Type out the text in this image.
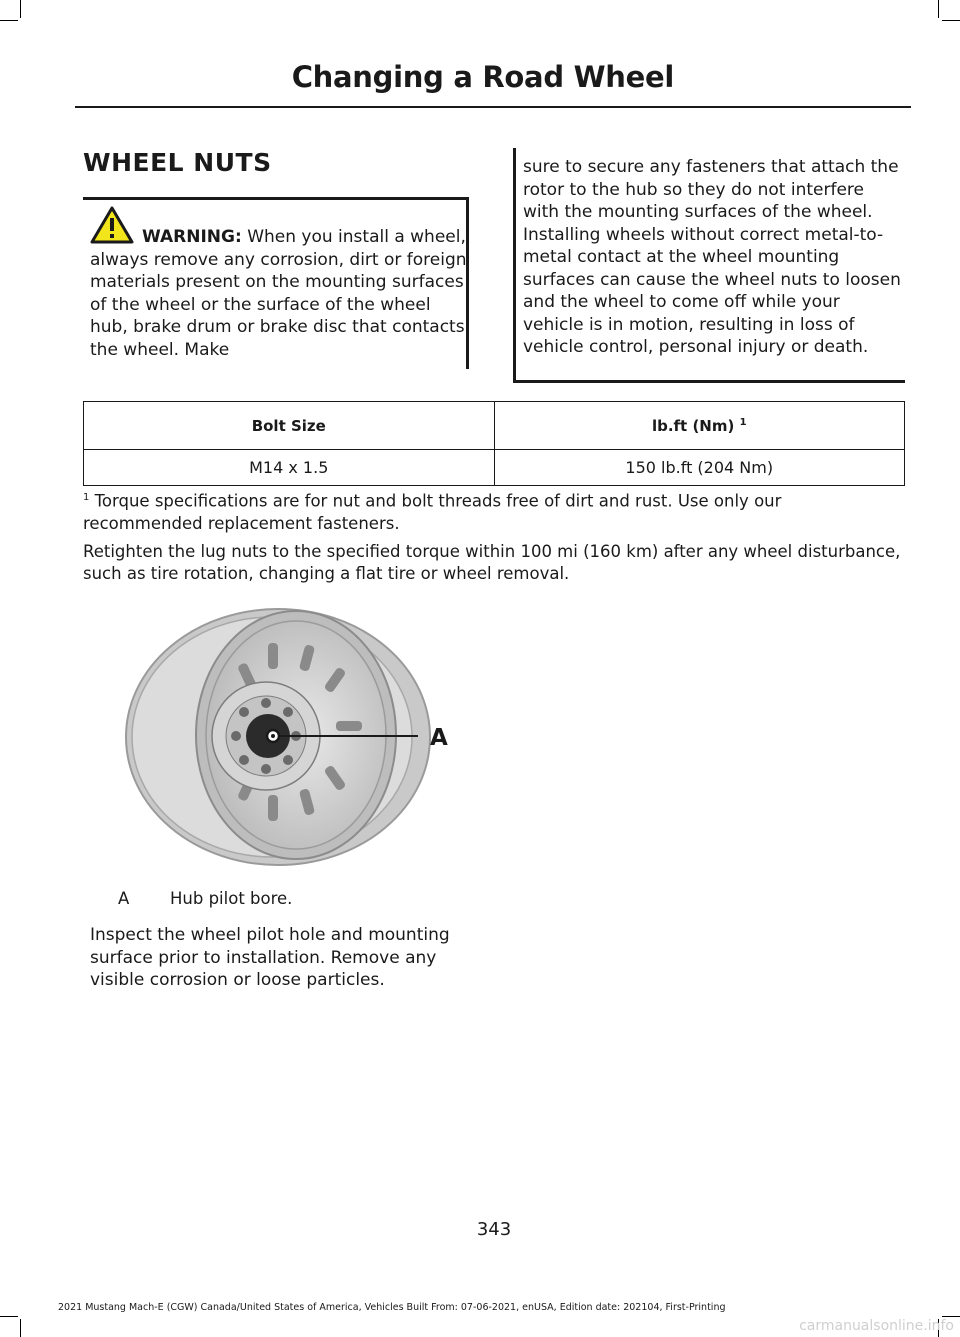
Changing a Road Wheel
WHEEL NUTS
WARNING: When you install a wheel, always remove any corrosion, dirt or foreign materials present on the mounting surfaces of the wheel or the surface of the wheel hub, brake drum or brake disc that contacts the wheel. Make
sure to secure any fasteners that attach the rotor to the hub so they do not interfere with the mounting surfaces of the wheel. Installing wheels without correct metal-to-metal contact at the wheel mounting surfaces can cause the wheel nuts to loosen and the wheel to come off while your vehicle is in motion, resulting in loss of vehicle control, personal injury or death.
Bolt Size	lb.ft (Nm) $^1$
M14 x 1.5	150 lb.ft (204 Nm)
$^1$ Torque specifications are for nut and bolt threads free of dirt and rust. Use only our recommended replacement fasteners.
Retighten the lug nuts to the specified torque within 100 mi (160 km) after any wheel disturbance, such as tire rotation, changing a flat tire or wheel removal.
A
A Hub pilot bore.
Inspect the wheel pilot hole and mounting surface prior to installation. Remove any visible corrosion or loose particles.
343
2021 Mustang Mach-E (CGW) Canada/United States of America, Vehicles Built From: 07-06-2021, enUSA, Edition date: 202104, First-Printing
carmanualsonline.info
